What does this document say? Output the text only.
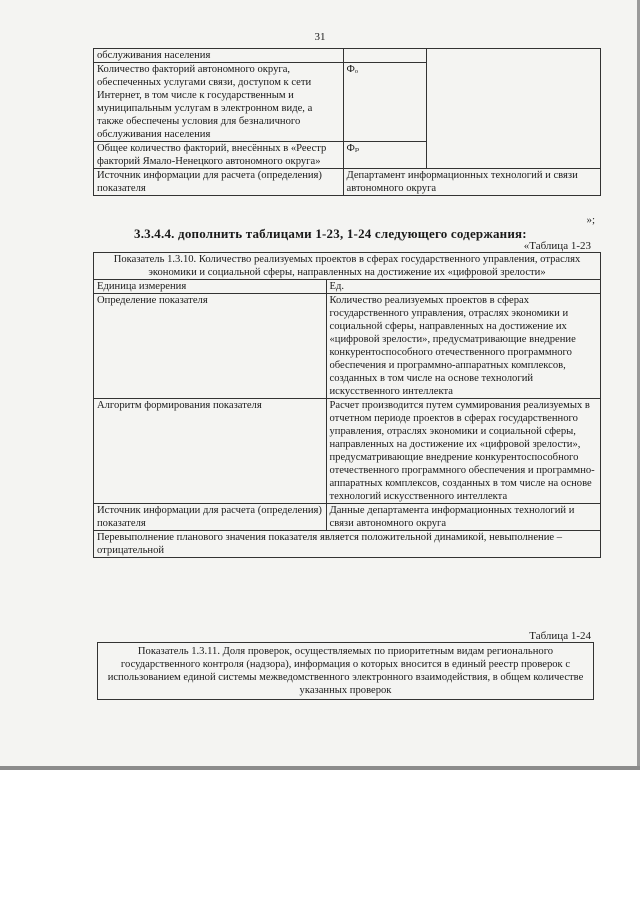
31
обслуживания населения		
Количество факторий автономного округа, обеспеченных услугами связи, доступом к сети Интернет, в том числе к государственным и муниципальным услугам в электронном виде, а также обеспечены условия для безналичного обслуживания населения	Фₒ	
Общее количество факторий, внесённых в «Реестр факторий Ямало-Ненецкого автономного округа»	Фₚ	
Источник информации для расчета (определения) показателя	Департамент информационных технологий и связи автономного округа	
»;
3.3.4.4. дополнить таблицами 1-23, 1-24 следующего содержания:
«Таблица 1-23
Показатель 1.3.10. Количество реализуемых проектов в сферах государственного управления, отраслях экономики и социальной сферы, направленных на достижение их «цифровой зрелости»	
Единица измерения	Ед.
Определение показателя	Количество реализуемых проектов в сферах государственного управления, отраслях экономики и социальной сферы, направленных на достижение их «цифровой зрелости», предусматривающие внедрение конкурентоспособного отечественного программного обеспечения и программно-аппаратных комплексов, созданных в том числе на основе технологий искусственного интеллекта
Алгоритм формирования показателя	Расчет производится путем суммирования реализуемых в отчетном периоде проектов в сферах государственного управления, отраслях экономики и социальной сферы, направленных на достижение их «цифровой зрелости», предусматривающие внедрение конкурентоспособного отечественного программного обеспечения и программно-аппаратных комплексов, созданных в том числе на основе технологий искусственного интеллекта
Источник информации для расчета (определения) показателя	Данные департамента информационных технологий и связи автономного округа
Перевыполнение планового значения показателя является положительной динамикой, невыполнение – отрицательной	
Таблица 1-24
Показатель 1.3.11. Доля проверок, осуществляемых по приоритетным видам регионального государственного контроля (надзора), информация о которых вносится в единый реестр проверок с использованием единой системы межведомственного электронного взаимодействия, в общем количестве указанных проверок
